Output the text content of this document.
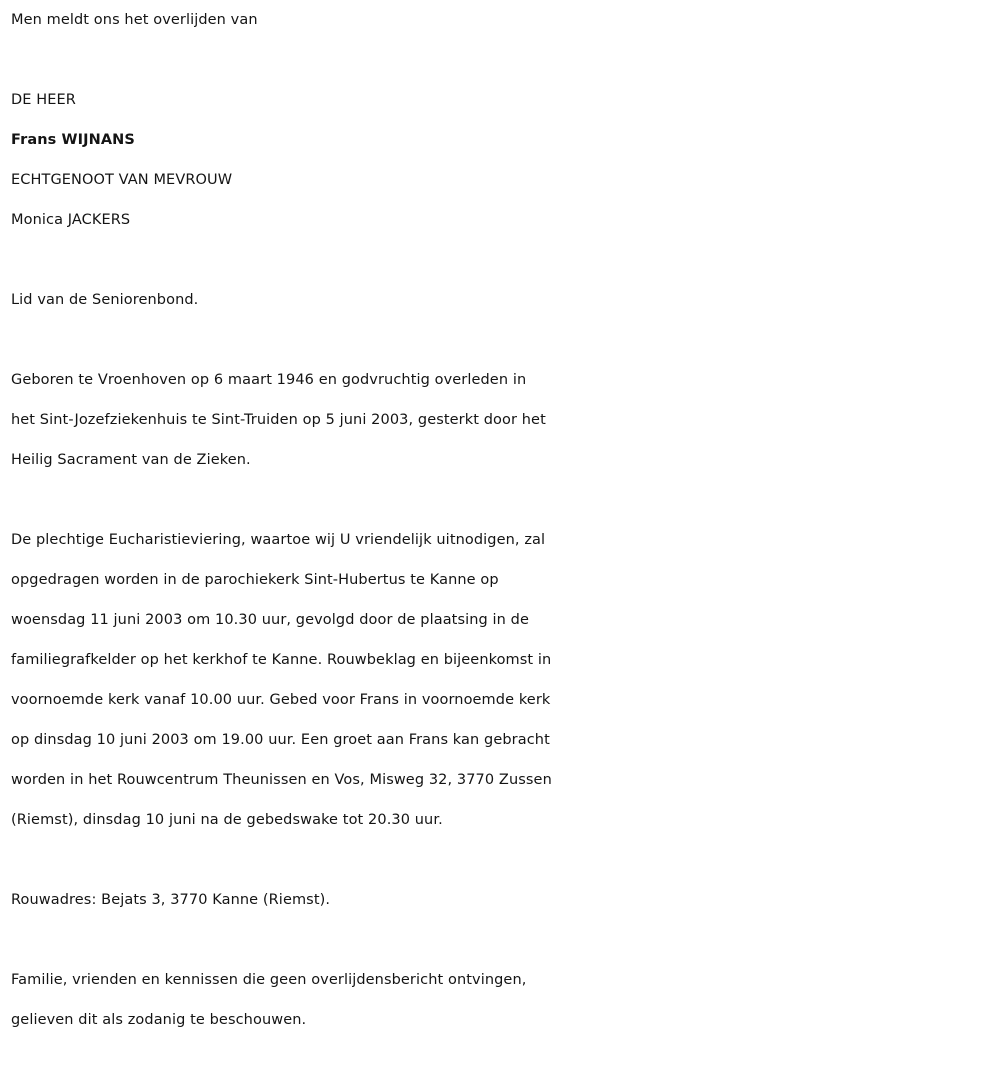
Men meldt ons het overlijden van
DE HEER
Frans WIJNANS
ECHTGENOOT VAN MEVROUW
Monica JACKERS
Lid van de Seniorenbond.
Geboren te Vroenhoven op 6 maart 1946 en godvruchtig overleden in
het Sint-Jozefziekenhuis te Sint-Truiden op 5 juni 2003, gesterkt door het
Heilig Sacrament van de Zieken.
De plechtige Eucharistieviering, waartoe wij U vriendelijk uitnodigen, zal
opgedragen worden in de parochiekerk Sint-Hubertus te Kanne op
woensdag 11 juni 2003 om 10.30 uur, gevolgd door de plaatsing in de
familiegrafkelder op het kerkhof te Kanne. Rouwbeklag en bijeenkomst in
voornoemde kerk vanaf 10.00 uur. Gebed voor Frans in voornoemde kerk
op dinsdag 10 juni 2003 om 19.00 uur. Een groet aan Frans kan gebracht
worden in het Rouwcentrum Theunissen en Vos, Misweg 32, 3770 Zussen
(Riemst), dinsdag 10 juni na de gebedswake tot 20.30 uur.
Rouwadres: Bejats 3, 3770 Kanne (Riemst).
Familie, vrienden en kennissen die geen overlijdensbericht ontvingen,
gelieven dit als zodanig te beschouwen.
